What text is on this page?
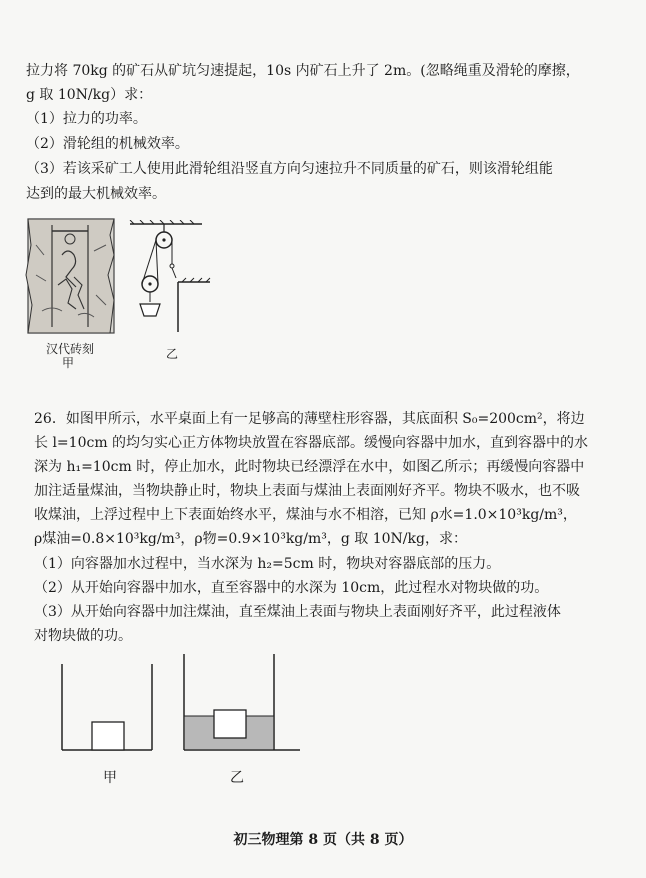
拉力将 70kg 的矿石从矿坑匀速提起，10s 内矿石上升了 2m。(忽略绳重及滑轮的摩擦，
g 取 10N/kg）求：
（1）拉力的功率。
（2）滑轮组的机械效率。
（3）若该采矿工人使用此滑轮组沿竖直方向匀速拉升不同质量的矿石，则该滑轮组能
达到的最大机械效率。
汉代砖刻
甲
乙
26．如图甲所示，水平桌面上有一足够高的薄壁柱形容器，其底面积 S₀=200cm²，将边
长 l=10cm 的均匀实心正方体物块放置在容器底部。缓慢向容器中加水，直到容器中的水
深为 h₁=10cm 时，停止加水，此时物块已经漂浮在水中，如图乙所示；再缓慢向容器中
加注适量煤油，当物块静止时，物块上表面与煤油上表面刚好齐平。物块不吸水，也不吸
收煤油，上浮过程中上下表面始终水平，煤油与水不相溶，已知 ρ水=1.0×10³kg/m³，
ρ煤油=0.8×10³kg/m³，ρ物=0.9×10³kg/m³，g 取 10N/kg，求：
（1）向容器加水过程中，当水深为 h₂=5cm 时，物块对容器底部的压力。
（2）从开始向容器中加水，直至容器中的水深为 10cm，此过程水对物块做的功。
（3）从开始向容器中加注煤油，直至煤油上表面与物块上表面刚好齐平，此过程液体
对物块做的功。
甲	乙
初三物理第 8 页（共 8 页）
